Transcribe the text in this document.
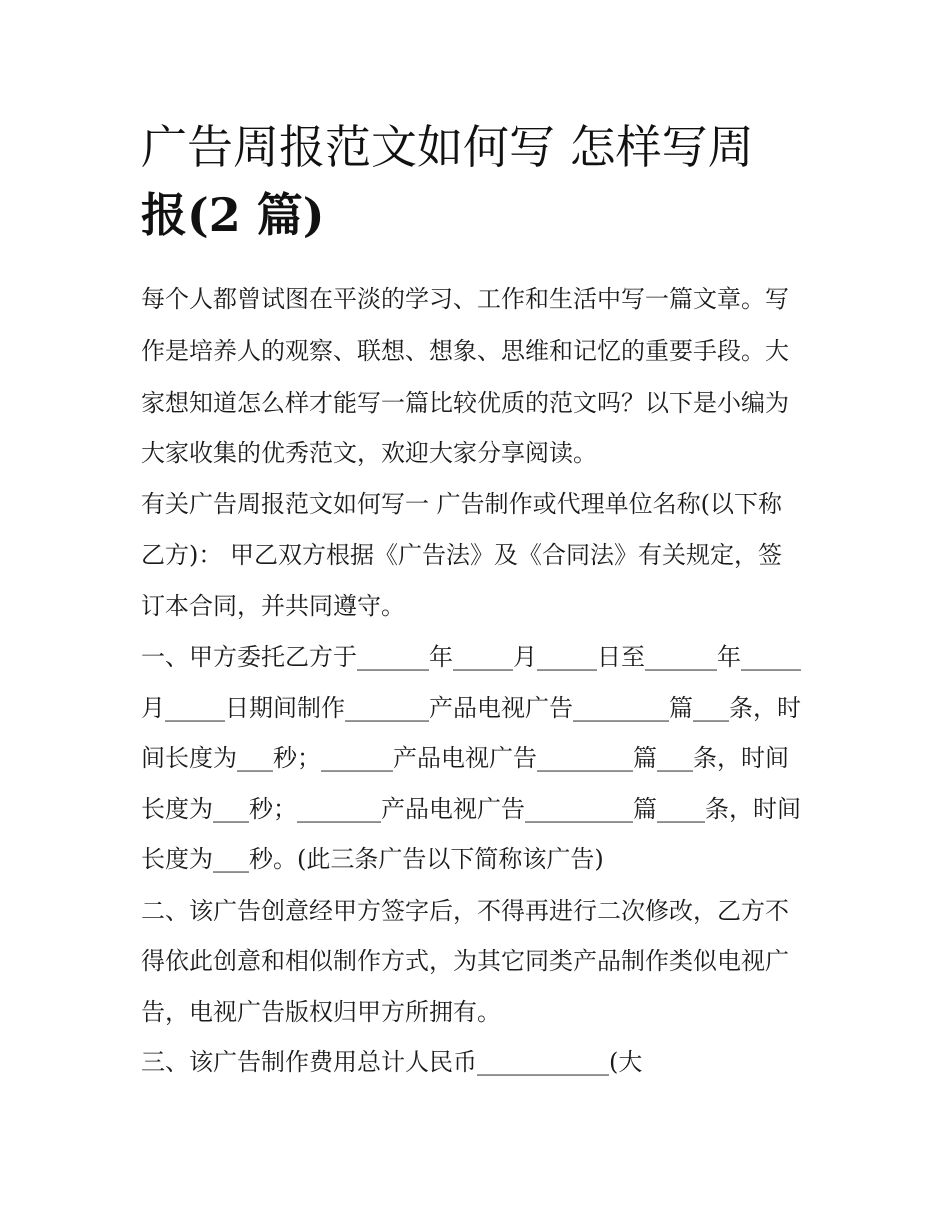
广告周报范文如何写 怎样写周
报(2 篇)
每个人都曾试图在平淡的学习、工作和生活中写一篇文章。写
作是培养人的观察、联想、想象、思维和记忆的重要手段。大
家想知道怎么样才能写一篇比较优质的范文吗？以下是小编为
大家收集的优秀范文，欢迎大家分享阅读。
有关广告周报范文如何写一 广告制作或代理单位名称(以下称
乙方)： 甲乙双方根据《广告法》及《合同法》有关规定，签
订本合同，并共同遵守。
一、甲方委托乙方于______年_____月_____日至______年_____
月_____日期间制作_______产品电视广告________篇___条，时
间长度为___秒；______产品电视广告________篇___条，时间
长度为___秒；_______产品电视广告_________篇____条，时间
长度为___秒。(此三条广告以下简称该广告)
二、该广告创意经甲方签字后，不得再进行二次修改，乙方不
得依此创意和相似制作方式，为其它同类产品制作类似电视广
告，电视广告版权归甲方所拥有。
三、该广告制作费用总计人民币___________(大
